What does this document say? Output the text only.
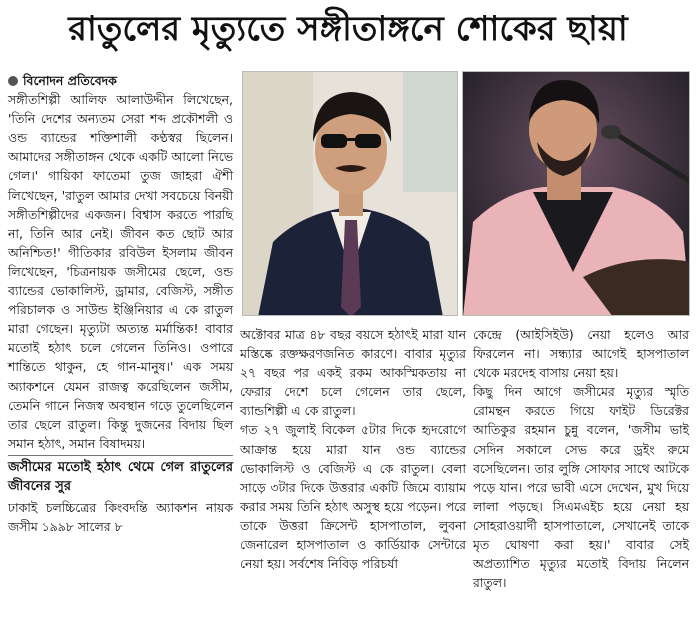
রাতুলের মৃত্যুতে সঙ্গীতাঙ্গনে শোকের ছায়া
বিনোদন প্রতিবেদক

সঙ্গীতশিল্পী আলিফ আলাউদ্দীন লিখেছেন, 'তিনি দেশের অন্যতম সেরা শব্দ প্রকৌশলী ও ওন্ড ব্যান্ডের শক্তিশালী কণ্ঠস্বর ছিলেন। আমাদের সঙ্গীতাঙ্গন থেকে একটি আলো নিভে গেল।' গায়িকা ফাতেমা তুজ জাহরা ঐশী লিখেছেন, 'রাতুল আমার দেখা সবচেয়ে বিনয়ী সঙ্গীতশিল্পীদের একজন। বিশ্বাস করতে পারছি না, তিনি আর নেই। জীবন কত ছোট আর অনিশ্চিত!' গীতিকার রবিউল ইসলাম জীবন লিখেছেন, 'চিত্রনায়ক জসীমের ছেলে, ওন্ড ব্যান্ডের ভোকালিস্ট, ড্রামার, বেজিস্ট, সঙ্গীত পরিচালক ও সাউন্ড ইঞ্জিনিয়ার এ কে রাতুল মারা গেছেন। মৃত্যুটা অত্যন্ত মর্মান্তিক! বাবার মতোই হঠাৎ চলে গেলেন তিনিও। ওপারে শান্তিতে থাকুন, হে গান-মানুষ।' এক সময় অ্যাকশনে যেমন রাজত্ব করেছিলেন জসীম, তেমনি গানে নিজস্ব অবস্থান গড়ে তুলেছিলেন তার ছেলে রাতুল। কিন্তু দুজনের বিদায় ছিল সমান হঠাৎ, সমান বিষাদময়।

জসীমের মতোই হঠাৎ থেমে গেল রাতুলের জীবনের সুর

ঢাকাই চলচ্চিত্রের কিংবদন্তি অ্যাকশন নায়ক জসীম ১৯৯৮ সালের ৮

অক্টোবর মাত্র ৪৮ বছর বয়সে হঠাৎই মারা যান মস্তিষ্কে রক্তক্ষরণজনিত কারণে। বাবার মৃত্যুর ২৭ বছর পর একই রকম আকস্মিকতায় না ফেরার দেশে চলে গেলেন তার ছেলে, ব্যান্ডশিল্পী এ কে রাতুল।

গত ২৭ জুলাই বিকেল ৫টার দিকে হৃদরোগে আক্রান্ত হয়ে মারা যান ওন্ড ব্যান্ডের ভোকালিস্ট ও বেজিস্ট এ কে রাতুল। বেলা সাড়ে ৩টার দিকে উত্তরার একটি জিমে ব্যায়াম করার সময় তিনি হঠাৎ অসুস্থ হয়ে পড়েন। পরে তাকে উত্তরা ক্রিসেন্ট হাসপাতাল, লুবনা জেনারেল হাসপাতাল ও কার্ডিয়াক সেন্টারে নেয়া হয়। সর্বশেষ নিবিড় পরিচর্যা

কেন্দ্রে (আইসিইউ) নেয়া হলেও আর ফিরলেন না। সন্ধ্যার আগেই হাসপাতাল থেকে মরদেহ বাসায় নেয়া হয়।

কিছু দিন আগে জসীমের মৃত্যুর স্মৃতি রোমন্থন করতে গিয়ে ফাইট ডিরেক্টর আতিকুর রহমান চুন্নু বলেন, 'জসীম ভাই সেদিন সকালে সেভ করে ড্রইং রুমে বসেছিলেন। তার লুঙ্গি সোফার সাথে আটকে পড়ে যান। পরে ভাবী এসে দেখেন, মুখ দিয়ে লালা পড়ছে। সিএমএইচ হয়ে নেয়া হয় সোহরাওয়ার্দী হাসপাতালে, সেখানেই তাকে মৃত ঘোষণা করা হয়।' বাবার সেই অপ্রত্যাশিত মৃত্যুর মতোই বিদায় নিলেন রাতুল।
